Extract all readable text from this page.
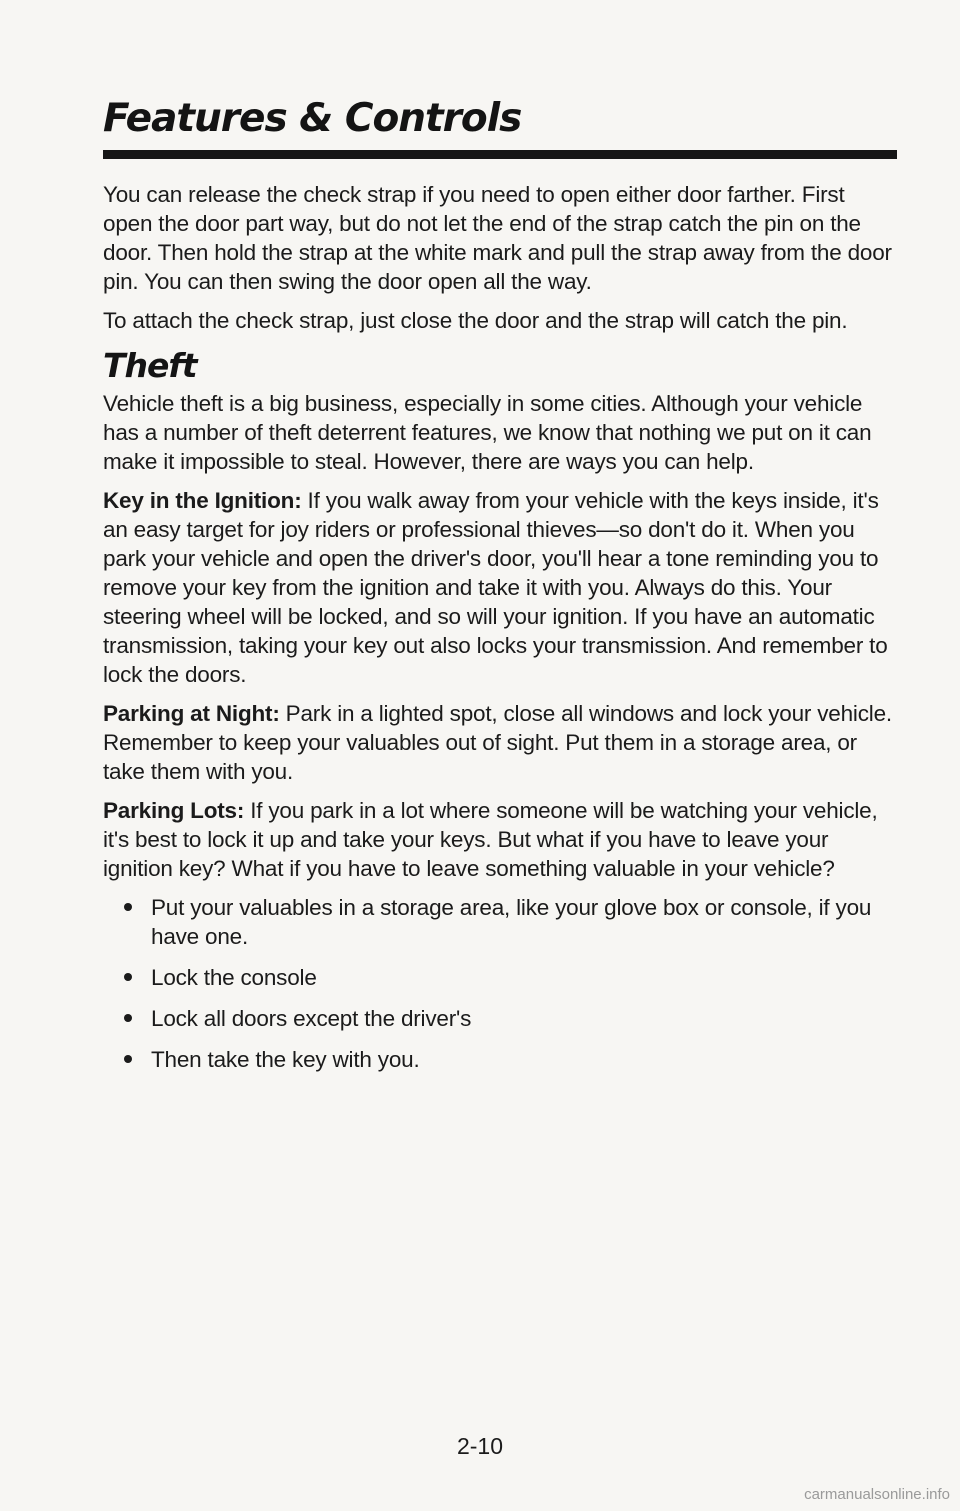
Features & Controls

You can release the check strap if you need to open either door farther. First open the door part way, but do not let the end of the strap catch the pin on the door. Then hold the strap at the white mark and pull the strap away from the door pin. You can then swing the door open all the way.

To attach the check strap, just close the door and the strap will catch the pin.

Theft

Vehicle theft is a big business, especially in some cities. Although your vehicle has a number of theft deterrent features, we know that nothing we put on it can make it impossible to steal. However, there are ways you can help.

Key in the Ignition: If you walk away from your vehicle with the keys inside, it's an easy target for joy riders or professional thieves—so don't do it. When you park your vehicle and open the driver's door, you'll hear a tone reminding you to remove your key from the ignition and take it with you. Always do this. Your steering wheel will be locked, and so will your ignition. If you have an automatic transmission, taking your key out also locks your transmission. And remember to lock the doors.

Parking at Night: Park in a lighted spot, close all windows and lock your vehicle. Remember to keep your valuables out of sight. Put them in a storage area, or take them with you.

Parking Lots: If you park in a lot where someone will be watching your vehicle, it's best to lock it up and take your keys. But what if you have to leave your ignition key? What if you have to leave something valuable in your vehicle?

Put your valuables in a storage area, like your glove box or console, if you have one.
Lock the console
Lock all doors except the driver's
Then take the key with you.
2-10
carmanualsonline.info
